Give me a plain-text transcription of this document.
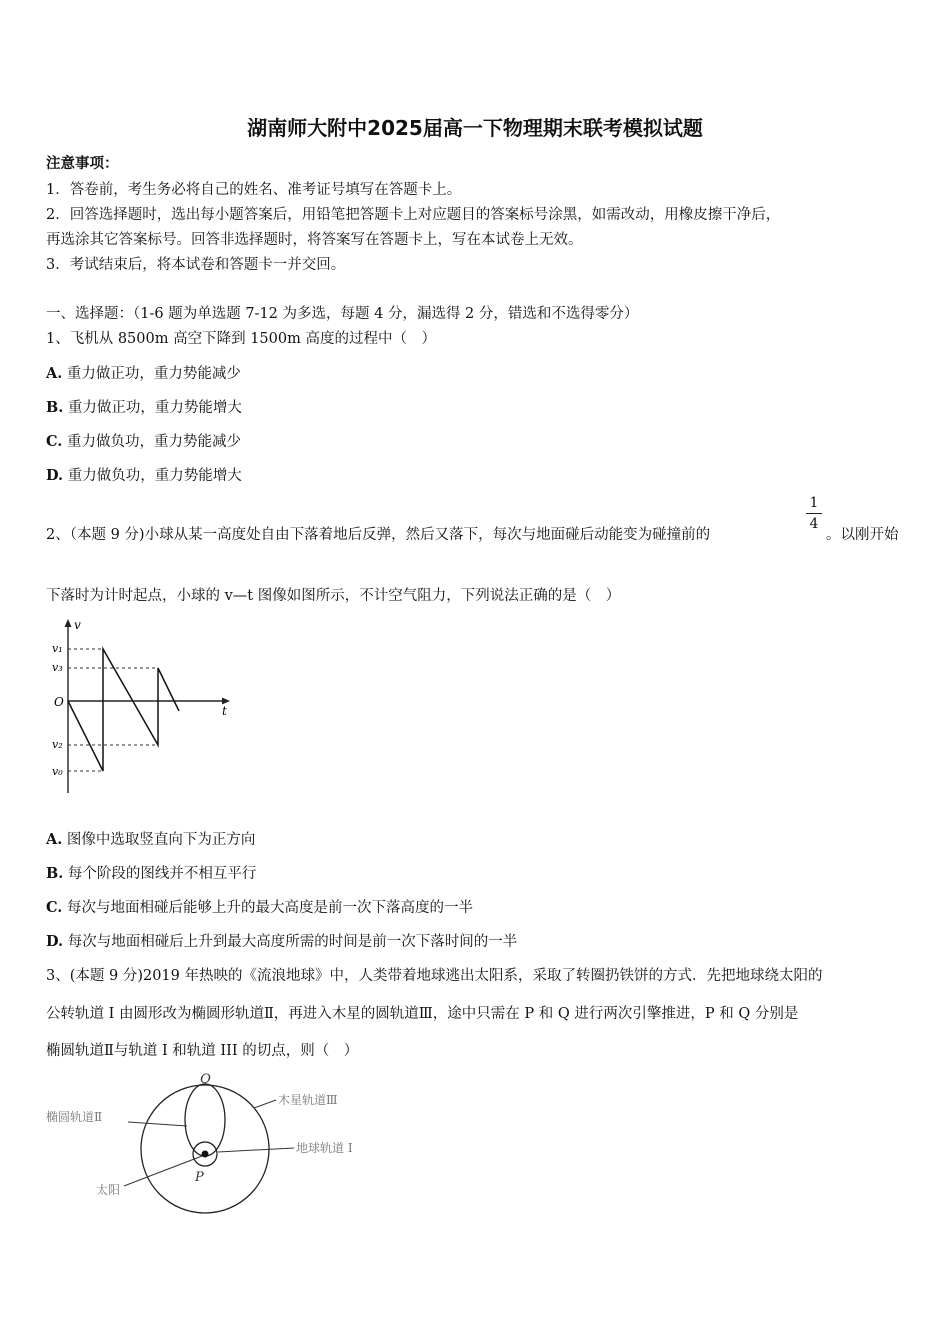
湖南师大附中2025届高一下物理期末联考模拟试题
注意事项：
1．答卷前，考生务必将自己的姓名、准考证号填写在答题卡上。
2．回答选择题时，选出每小题答案后，用铅笔把答题卡上对应题目的答案标号涂黑，如需改动，用橡皮擦干净后，
再选涂其它答案标号。回答非选择题时，将答案写在答题卡上，写在本试卷上无效。
3．考试结束后，将本试卷和答题卡一并交回。
一、选择题：（1-6 题为单选题 7-12 为多选，每题 4 分，漏选得 2 分，错选和不选得零分）
1、飞机从 8500m 高空下降到 1500m 高度的过程中（　）
A. 重力做正功，重力势能减少
B. 重力做正功，重力势能增大
C. 重力做负功，重力势能减少
D. 重力做负功，重力势能增大
2、（本题 9 分)小球从某一高度处自由下落着地后反弹，然后又落下，每次与地面碰后动能变为碰撞前的
1
4
。以刚开始
下落时为计时起点，小球的 v—t 图像如图所示，不计空气阻力，下列说法正确的是（　）
v
t
O
v₁
v₃
v₂
v₀
A. 图像中选取竖直向下为正方向
B. 每个阶段的图线并不相互平行
C. 每次与地面相碰后能够上升的最大高度是前一次下落高度的一半
D. 每次与地面相碰后上升到最大高度所需的时间是前一次下落时间的一半
3、(本题 9 分)2019 年热映的《流浪地球》中，人类带着地球逃出太阳系，采取了转圈扔铁饼的方式．先把地球绕太阳的
公转轨道 I 由圆形改为椭圆形轨道Ⅱ，再进入木星的圆轨道Ⅲ，途中只需在 P 和 Q 进行两次引擎推进，P 和 Q 分别是
椭圆轨道Ⅱ与轨道 I 和轨道 III 的切点，则（　）
Q
P
木星轨道Ⅲ
椭圆轨道Ⅱ
地球轨道 I
太阳
